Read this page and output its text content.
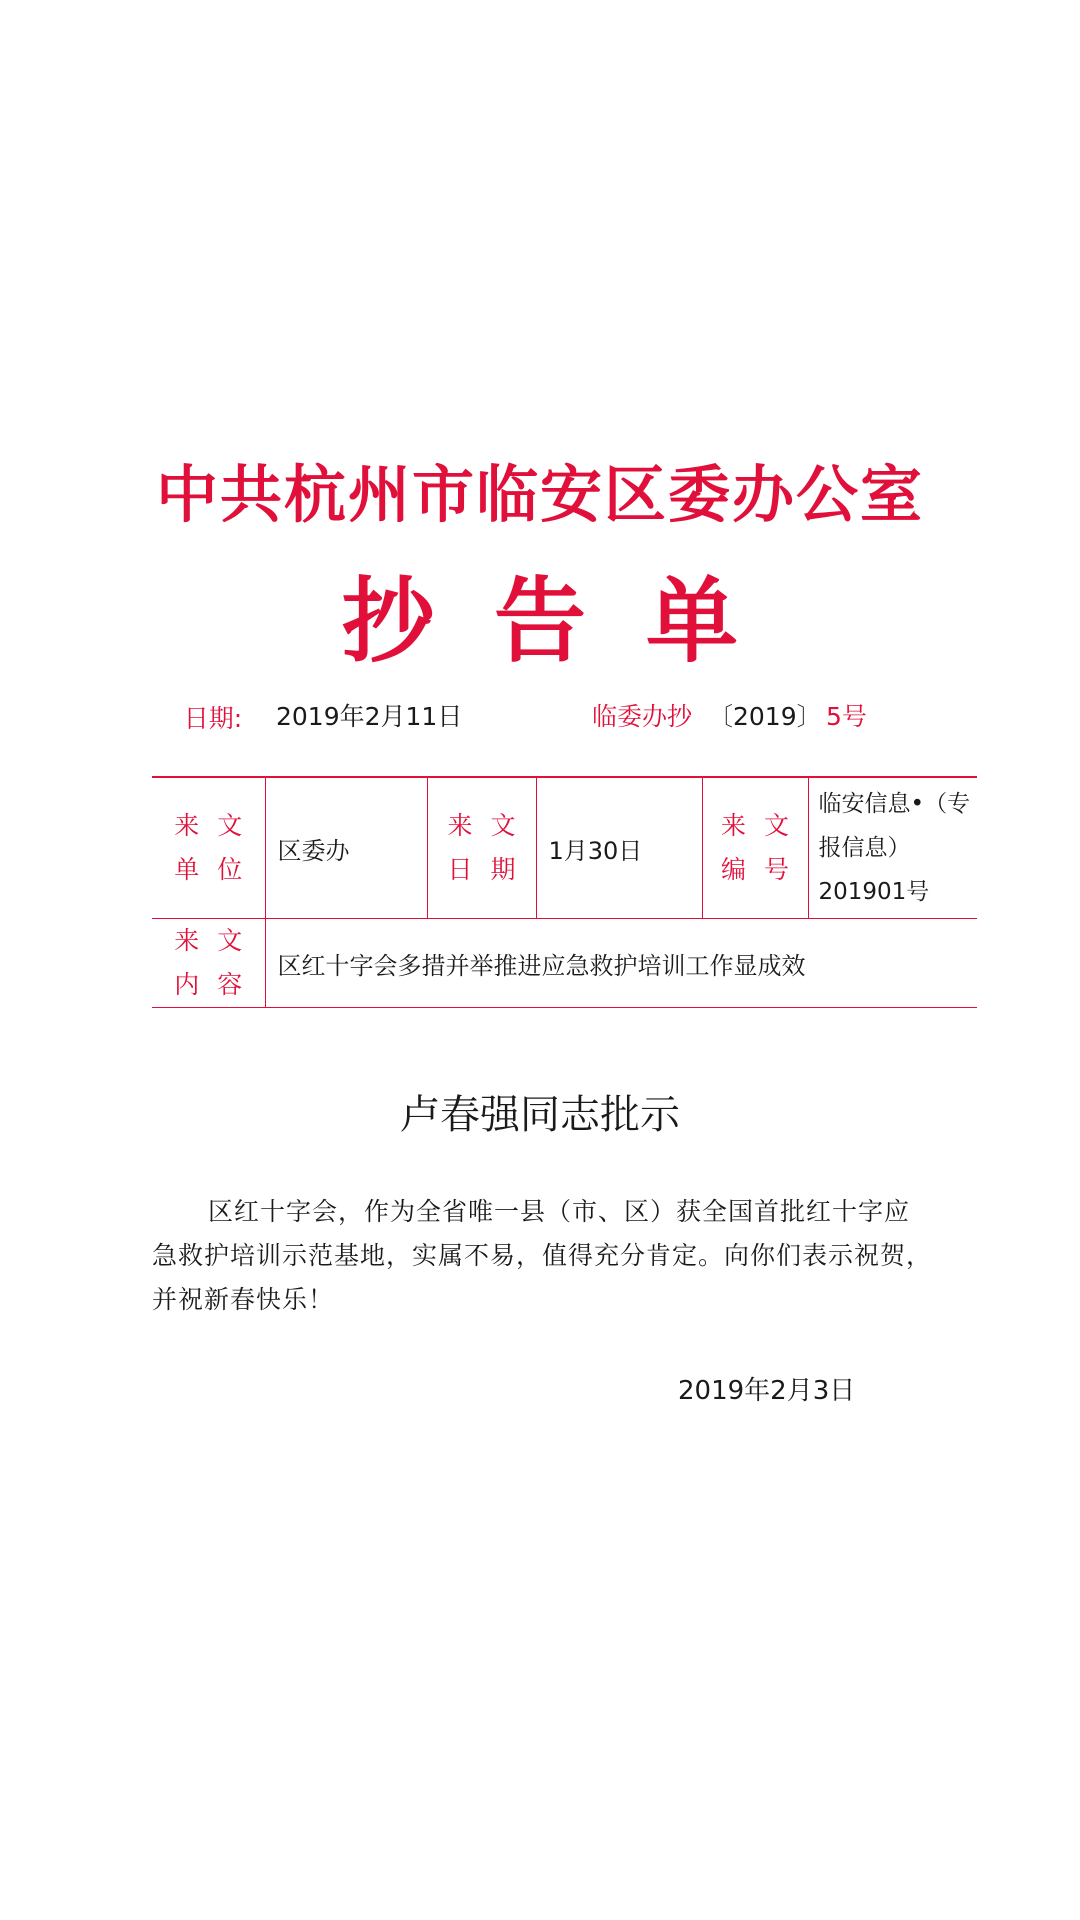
中共杭州市临安区委办公室
抄告单
日期: 2019年2月11日	临委办抄 〔2019〕 5号
来文单位	区委办	来文日期	1月30日	来文编号	临安信息•（专报信息）201901号
来文内容	区红十字会多措并举推进应急救护培训工作显成效				
卢春强同志批示
区红十字会，作为全省唯一县（市、区）获全国首批红十字应急救护培训示范基地，实属不易，值得充分肯定。向你们表示祝贺，并祝新春快乐！
2019年2月3日
